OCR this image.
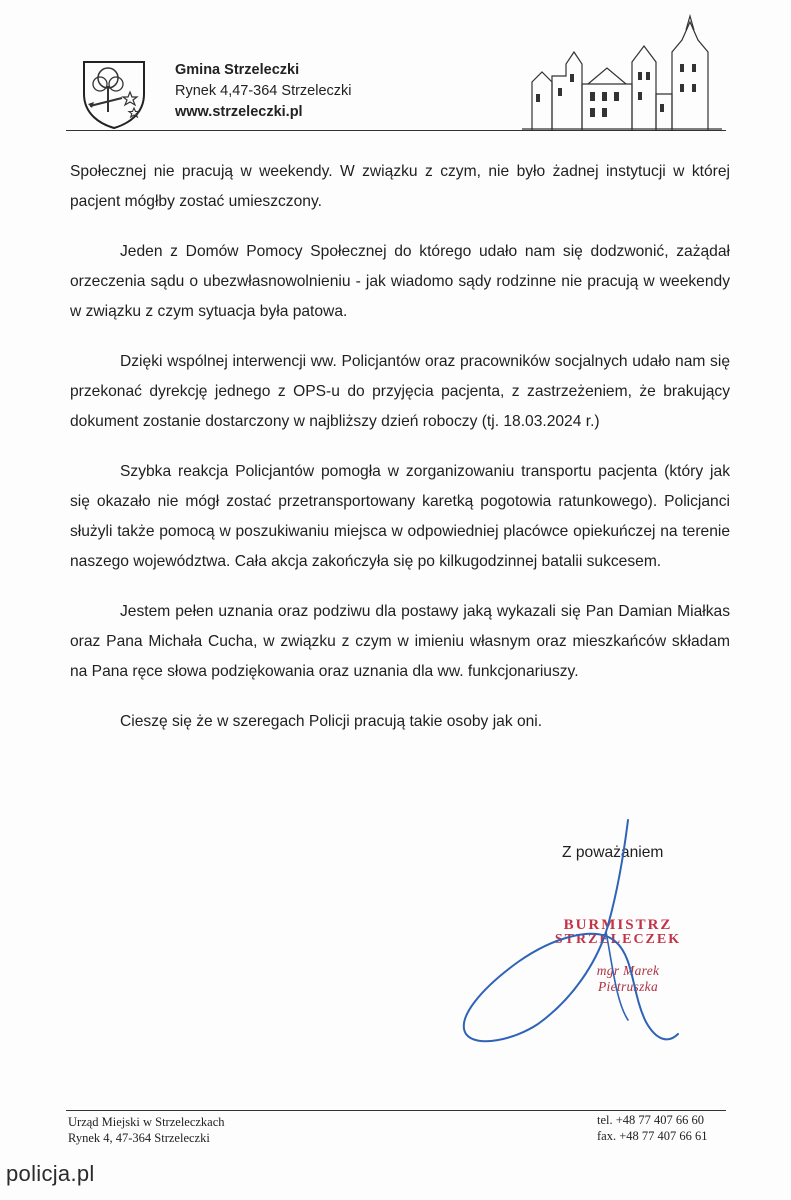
Gmina Strzeleczki
Rynek 4,47-364 Strzeleczki
www.strzeleczki.pl

Społecznej nie pracują w weekendy. W związku z czym, nie było żadnej instytucji w której pacjent mógłby zostać umieszczony.

Jeden z Domów Pomocy Społecznej do którego udało nam się dodzwonić, zażądał orzeczenia sądu o ubezwłasnowolnieniu - jak wiadomo sądy rodzinne nie pracują w weekendy w związku z czym sytuacja była patowa.

Dzięki wspólnej interwencji ww. Policjantów oraz pracowników socjalnych udało nam się przekonać dyrekcję jednego z OPS-u do przyjęcia pacjenta, z zastrzeżeniem, że brakujący dokument zostanie dostarczony w najbliższy dzień roboczy (tj. 18.03.2024 r.)

Szybka reakcja Policjantów pomogła w zorganizowaniu transportu pacjenta (który jak się okazało nie mógł zostać przetransportowany karetką pogotowia ratunkowego). Policjanci służyli także pomocą w poszukiwaniu miejsca w odpowiedniej placówce opiekuńczej na terenie naszego województwa. Cała akcja zakończyła się po kilkugodzinnej batalii sukcesem.

Jestem pełen uznania oraz podziwu dla postawy jaką wykazali się Pan Damian Miałkas oraz Pana Michała Cucha, w związku z czym w imieniu własnym oraz mieszkańców składam na Pana ręce słowa podziękowania oraz uznania dla ww. funkcjonariuszy.

Cieszę się że w szeregach Policji pracują takie osoby jak oni.

Z poważaniem
BURMISTRZ
STRZELECZEK
mgr Marek Pietruszka
Urząd Miejski w Strzeleczkach
Rynek 4, 47-364 Strzeleczki
tel. +48 77 407 66 60
fax. +48 77 407 66 61
policja.pl
